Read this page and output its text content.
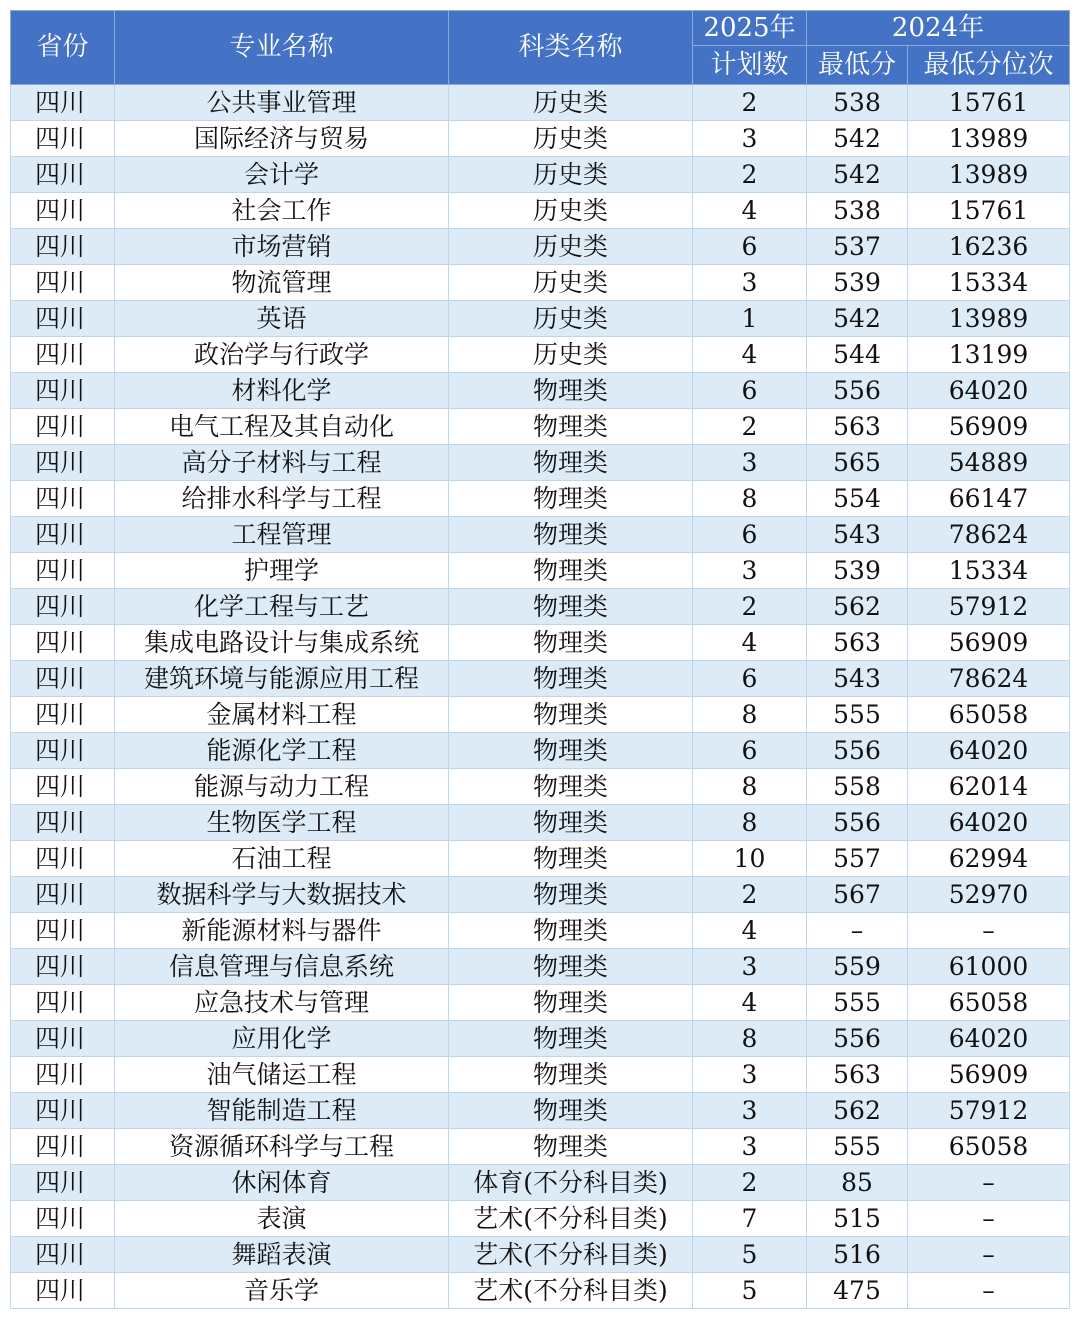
省份	专业名称	科类名称	2025年	2024年	
			计划数	最低分	最低分位次
四川	公共事业管理	历史类	2	538	15761
四川	国际经济与贸易	历史类	3	542	13989
四川	会计学	历史类	2	542	13989
四川	社会工作	历史类	4	538	15761
四川	市场营销	历史类	6	537	16236
四川	物流管理	历史类	3	539	15334
四川	英语	历史类	1	542	13989
四川	政治学与行政学	历史类	4	544	13199
四川	材料化学	物理类	6	556	64020
四川	电气工程及其自动化	物理类	2	563	56909
四川	高分子材料与工程	物理类	3	565	54889
四川	给排水科学与工程	物理类	8	554	66147
四川	工程管理	物理类	6	543	78624
四川	护理学	物理类	3	539	15334
四川	化学工程与工艺	物理类	2	562	57912
四川	集成电路设计与集成系统	物理类	4	563	56909
四川	建筑环境与能源应用工程	物理类	6	543	78624
四川	金属材料工程	物理类	8	555	65058
四川	能源化学工程	物理类	6	556	64020
四川	能源与动力工程	物理类	8	558	62014
四川	生物医学工程	物理类	8	556	64020
四川	石油工程	物理类	10	557	62994
四川	数据科学与大数据技术	物理类	2	567	52970
四川	新能源材料与器件	物理类	4	–	–
四川	信息管理与信息系统	物理类	3	559	61000
四川	应急技术与管理	物理类	4	555	65058
四川	应用化学	物理类	8	556	64020
四川	油气储运工程	物理类	3	563	56909
四川	智能制造工程	物理类	3	562	57912
四川	资源循环科学与工程	物理类	3	555	65058
四川	休闲体育	体育(不分科目类)	2	85	–
四川	表演	艺术(不分科目类)	7	515	–
四川	舞蹈表演	艺术(不分科目类)	5	516	–
四川	音乐学	艺术(不分科目类)	5	475	–
